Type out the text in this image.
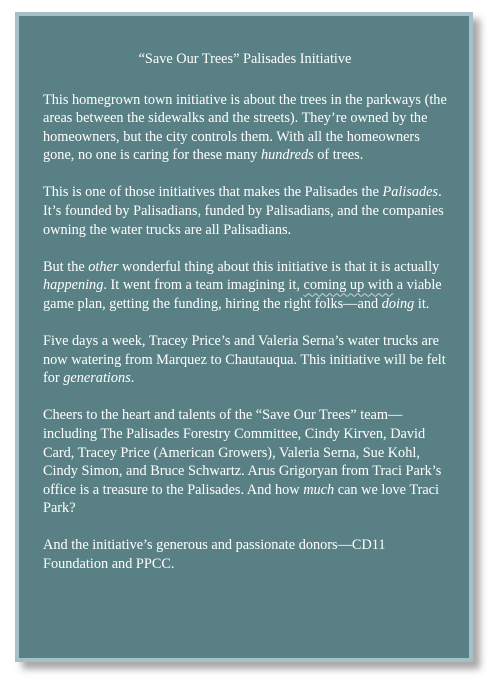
“Save Our Trees” Palisades Initiative

This homegrown town initiative is about the trees in the parkways (the areas between the sidewalks and the streets). They’re owned by the homeowners, but the city controls them. With all the homeowners gone, no one is caring for these many hundreds of trees.

This is one of those initiatives that makes the Palisades the Palisades. It’s founded by Palisadians, funded by Palisadians, and the companies owning the water trucks are all Palisadians.

But the other wonderful thing about this initiative is that it is actually happening. It went from a team imagining it, coming up with a viable game plan, getting the funding, hiring the right folks—and doing it.

Five days a week, Tracey Price’s and Valeria Serna’s water trucks are now watering from Marquez to Chautauqua. This initiative will be felt for generations.

Cheers to the heart and talents of the “Save Our Trees” team—including The Palisades Forestry Committee, Cindy Kirven, David Card, Tracey Price (American Growers), Valeria Serna, Sue Kohl, Cindy Simon, and Bruce Schwartz. Arus Grigoryan from Traci Park’s office is a treasure to the Palisades. And how much can we love Traci Park?

And the initiative’s generous and passionate donors—CD11 Foundation and PPCC.
